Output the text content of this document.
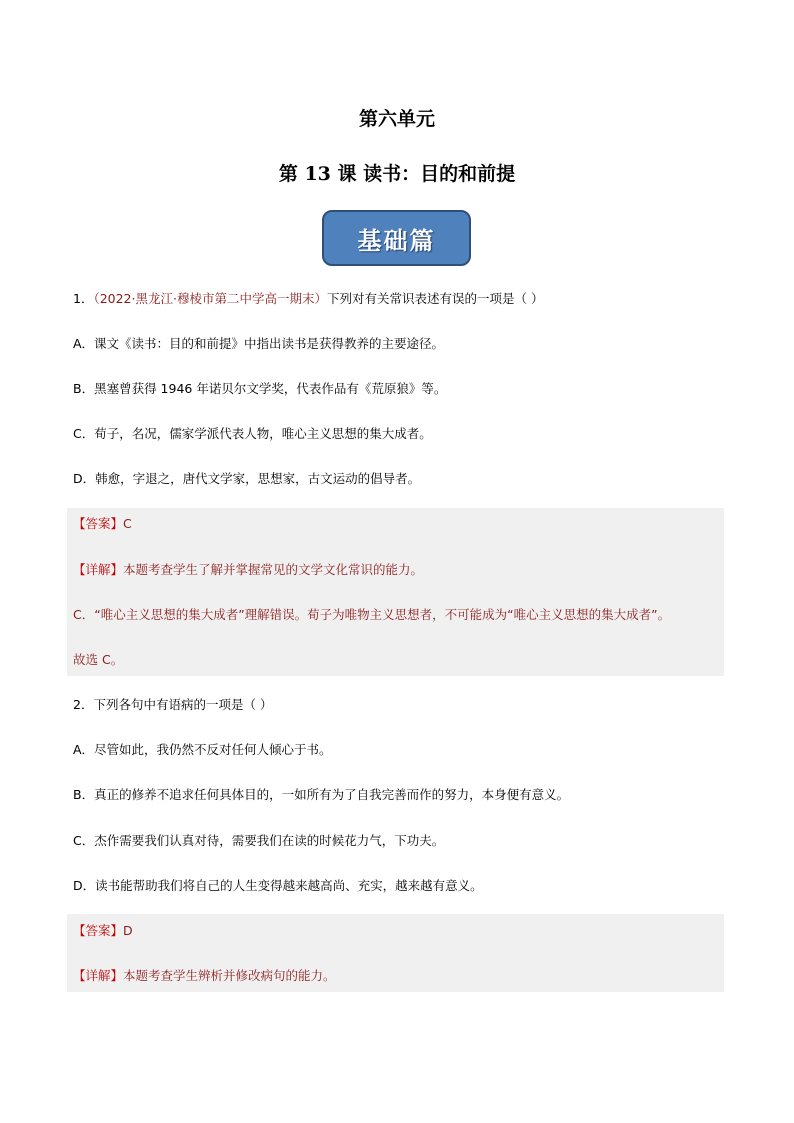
第六单元
第 13 课 读书：目的和前提
基础篇
1．（2022·黑龙江·穆棱市第二中学高一期末）下列对有关常识表述有误的一项是（ ）
A．课文《读书：目的和前提》中指出读书是获得教养的主要途径。
B．黑塞曾获得 1946 年诺贝尔文学奖，代表作品有《荒原狼》等。
C．荀子，名况，儒家学派代表人物，唯心主义思想的集大成者。
D．韩愈，字退之，唐代文学家，思想家，古文运动的倡导者。
【答案】C
【详解】本题考查学生了解并掌握常见的文学文化常识的能力。
C．“唯心主义思想的集大成者”理解错误。荀子为唯物主义思想者，不可能成为“唯心主义思想的集大成者”。
故选 C。
2．下列各句中有语病的一项是（ ）
A．尽管如此，我仍然不反对任何人倾心于书。
B．真正的修养不追求任何具体目的，一如所有为了自我完善而作的努力，本身便有意义。
C．杰作需要我们认真对待，需要我们在读的时候花力气，下功夫。
D．读书能帮助我们将自己的人生变得越来越高尚、充实，越来越有意义。
【答案】D
【详解】本题考查学生辨析并修改病句的能力。
